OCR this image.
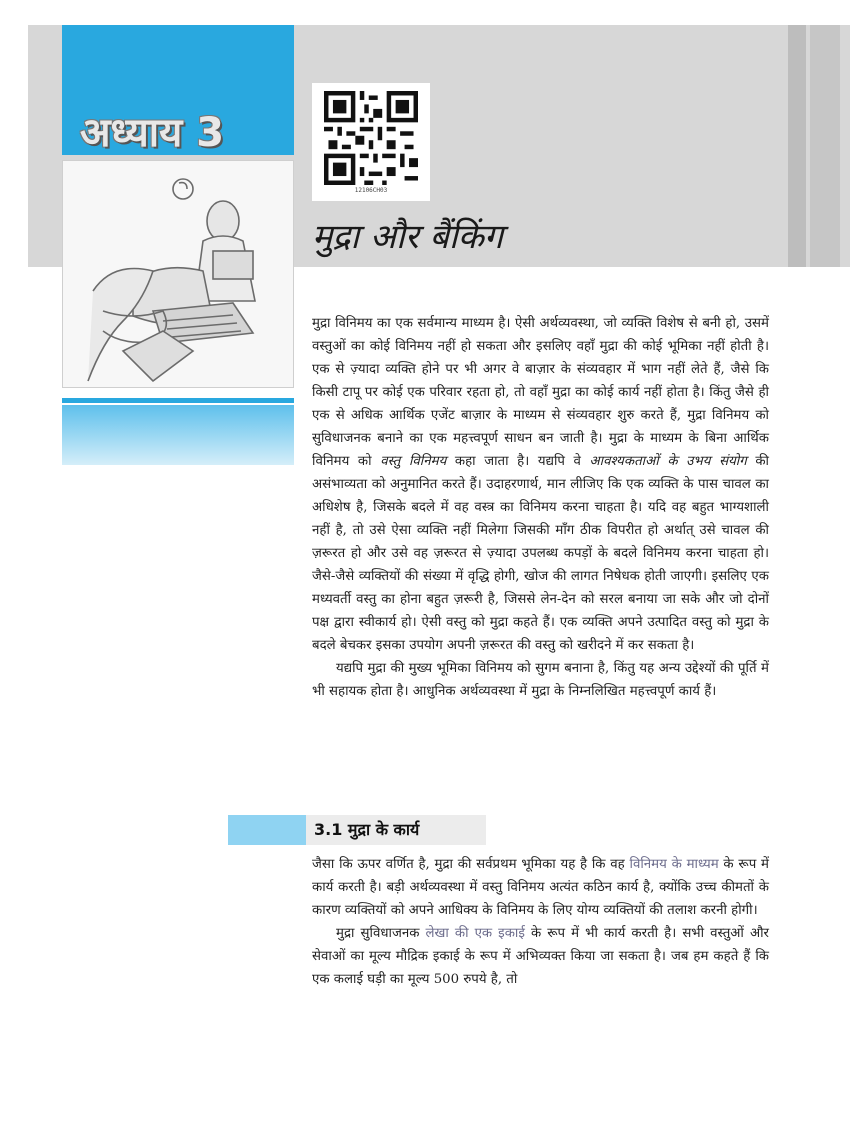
अध्याय 3
12106CH03
मुद्रा और बैंकिंग

मुद्रा विनिमय का एक सर्वमान्य माध्यम है। ऐसी अर्थव्यवस्था, जो व्यक्ति विशेष से बनी हो, उसमें वस्तुओं का कोई विनिमय नहीं हो सकता और इसलिए वहाँ मुद्रा की कोई भूमिका नहीं होती है। एक से ज़्यादा व्यक्ति होने पर भी अगर वे बाज़ार के संव्यवहार में भाग नहीं लेते हैं, जैसे कि किसी टापू पर कोई एक परिवार रहता हो, तो वहाँ मुद्रा का कोई कार्य नहीं होता है। किंतु जैसे ही एक से अधिक आर्थिक एजेंट बाज़ार के माध्यम से संव्यवहार शुरु करते हैं, मुद्रा विनिमय को सुविधाजनक बनाने का एक महत्त्वपूर्ण साधन बन जाती है। मुद्रा के माध्यम के बिना आर्थिक विनिमय को वस्तु विनिमय कहा जाता है। यद्यपि वे आवश्यकताओं के उभय संयोग की असंभाव्यता को अनुमानित करते हैं। उदाहरणार्थ, मान लीजिए कि एक व्यक्ति के पास चावल का अधिशेष है, जिसके बदले में वह वस्त्र का विनिमय करना चाहता है। यदि वह बहुत भाग्यशाली नहीं है, तो उसे ऐसा व्यक्ति नहीं मिलेगा जिसकी माँग ठीक विपरीत हो अर्थात् उसे चावल की ज़रूरत हो और उसे वह ज़रूरत से ज़्यादा उपलब्ध कपड़ों के बदले विनिमय करना चाहता हो। जैसे-जैसे व्यक्तियों की संख्या में वृद्धि होगी, खोज की लागत निषेधक होती जाएगी। इसलिए एक मध्यवर्ती वस्तु का होना बहुत ज़रूरी है, जिससे लेन-देन को सरल बनाया जा सके और जो दोनों पक्ष द्वारा स्वीकार्य हो। ऐसी वस्तु को मुद्रा कहते हैं। एक व्यक्ति अपने उत्पादित वस्तु को मुद्रा के बदले बेचकर इसका उपयोग अपनी ज़रूरत की वस्तु को खरीदने में कर सकता है।

यद्यपि मुद्रा की मुख्य भूमिका विनिमय को सुगम बनाना है, किंतु यह अन्य उद्देश्यों की पूर्ति में भी सहायक होता है। आधुनिक अर्थव्यवस्था में मुद्रा के निम्नलिखित महत्त्वपूर्ण कार्य हैं।

3.1 मुद्रा के कार्य

जैसा कि ऊपर वर्णित है, मुद्रा की सर्वप्रथम भूमिका यह है कि वह विनिमय के माध्यम के रूप में कार्य करती है। बड़ी अर्थव्यवस्था में वस्तु विनिमय अत्यंत कठिन कार्य है, क्योंकि उच्च कीमतों के कारण व्यक्तियों को अपने आधिक्य के विनिमय के लिए योग्य व्यक्तियों की तलाश करनी होगी।

मुद्रा सुविधाजनक लेखा की एक इकाई के रूप में भी कार्य करती है। सभी वस्तुओं और सेवाओं का मूल्य मौद्रिक इकाई के रूप में अभिव्यक्त किया जा सकता है। जब हम कहते हैं कि एक कलाई घड़ी का मूल्य 500 रुपये है, तो
